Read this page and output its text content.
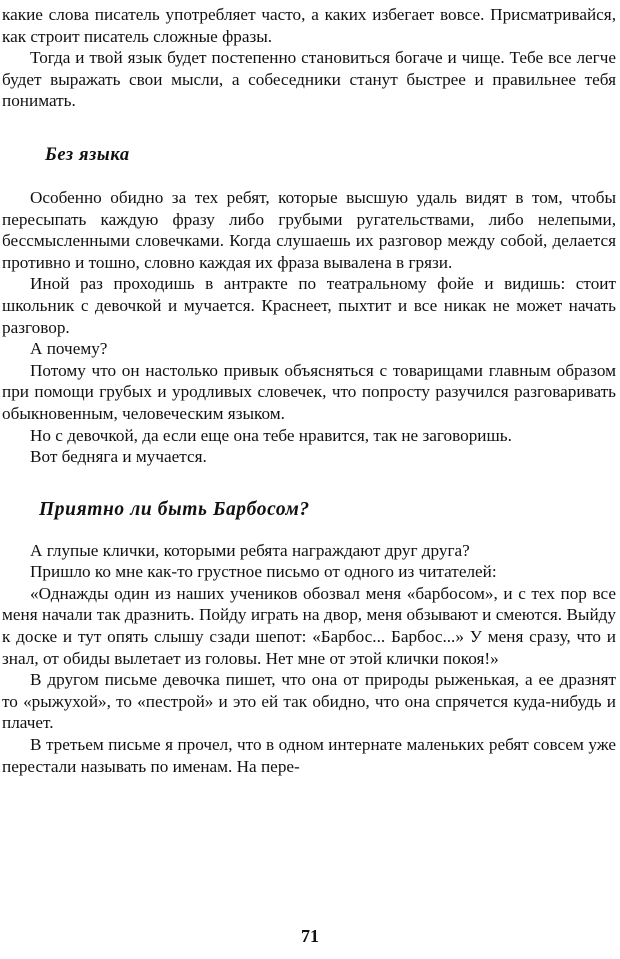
какие слова писатель употребляет часто, а каких избегает вовсе. Присматривайся, как строит писатель сложные фразы.

Тогда и твой язык будет постепенно становиться богаче и чище. Тебе все легче будет выражать свои мысли, а собеседники станут быстрее и правильнее тебя понимать.

Без языка

Особенно обидно за тех ребят, которые высшую удаль видят в том, чтобы пересыпать каждую фразу либо грубыми ругательствами, либо нелепыми, бессмысленными словечками. Когда слушаешь их разговор между собой, делается противно и тошно, словно каждая их фраза вывалена в грязи.

Иной раз проходишь в антракте по театральному фойе и видишь: стоит школьник с девочкой и мучается. Краснеет, пыхтит и все никак не может начать разговор.

А почему?

Потому что он настолько привык объясняться с товарищами главным образом при помощи грубых и уродливых словечек, что попросту разучился разговаривать обыкновенным, человеческим языком.

Но с девочкой, да если еще она тебе нравится, так не заговоришь.

Вот бедняга и мучается.

Приятно ли быть Барбосом?

А глупые клички, которыми ребята награждают друг друга?

Пришло ко мне как-то грустное письмо от одного из читателей:

«Однажды один из наших учеников обозвал меня «барбосом», и с тех пор все меня начали так дразнить. Пойду играть на двор, меня обзывают и смеются. Выйду к доске и тут опять слышу сзади шепот: «Барбос... Барбос...» У меня сразу, что и знал, от обиды вылетает из головы. Нет мне от этой клички покоя!»

В другом письме девочка пишет, что она от природы рыженькая, а ее дразнят то «рыжухой», то «пестрой» и это ей так обидно, что она спрячется куда-нибудь и плачет.

В третьем письме я прочел, что в одном интернате маленьких ребят совсем уже перестали называть по именам. На пере-

71
